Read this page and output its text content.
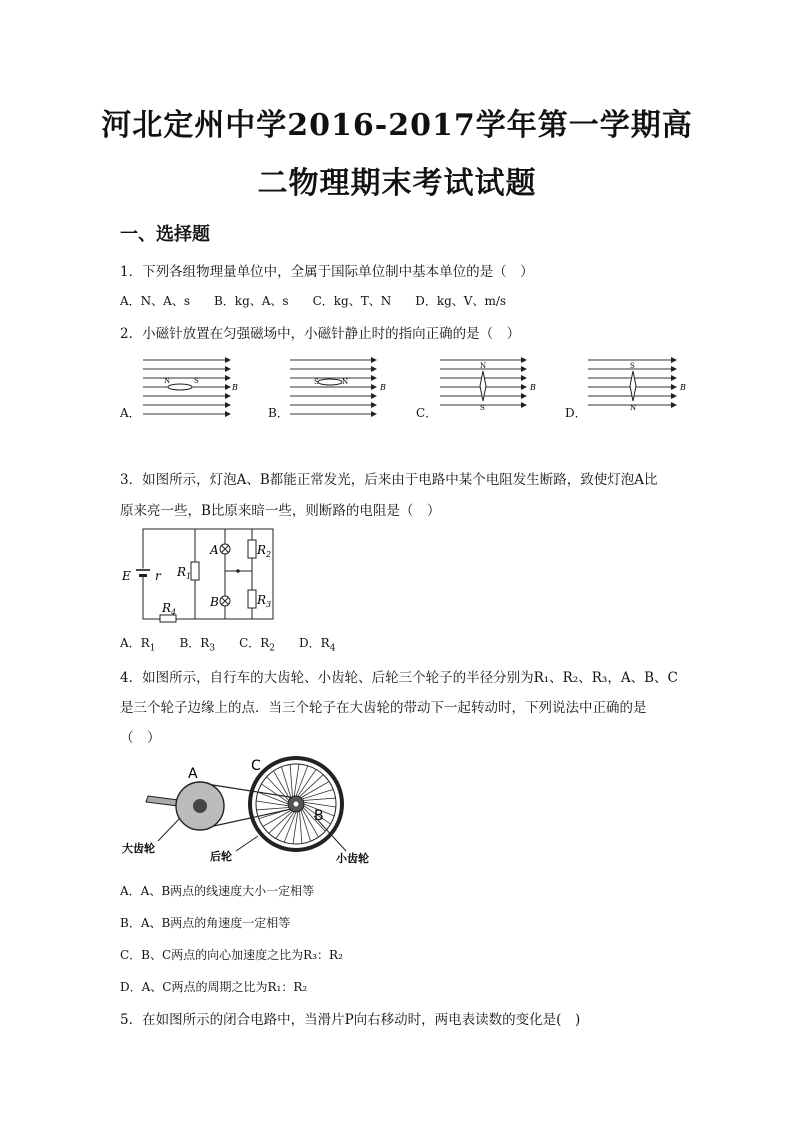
河北定州中学2016-2017学年第一学期高
二物理期末考试试题
一、选择题
1．下列各组物理量单位中，全属于国际单位制中基本单位的是（　）
A．N、A、s　　B．kg、A、s　　C．kg、T、N　　D．kg、V、m/s
2．小磁针放置在匀强磁场中，小磁针静止时的指向正确的是（　）
N	S
B
S	N
B
N
S
B
S
N
B
A．	B．	C．	D．
3．如图所示，灯泡A、B都能正常发光，后来由于电路中某个电阻发生断路，致使灯泡A比
原来亮一些，B比原来暗一些，则断路的电阻是（　）
E r $R_1$
$R_2$
$R_3$
$R_4$
A
B
A．$R_1$　　 B．$R_3$　　 C．$R_2$　　 D．$R_4$
4．如图所示，自行车的大齿轮、小齿轮、后轮三个轮子的半径分别为R₁、R₂、R₃，A、B、C
是三个轮子边缘上的点．当三个轮子在大齿轮的带动下一起转动时，下列说法中正确的是
（　）
A	C
B
大齿轮
后轮	小齿轮
A．A、B两点的线速度大小一定相等
B．A、B两点的角速度一定相等
C．B、C两点的向心加速度之比为R₃：R₂
D．A、C两点的周期之比为R₁：R₂
5．在如图所示的闭合电路中，当滑片P向右移动时，两电表读数的变化是(　)
